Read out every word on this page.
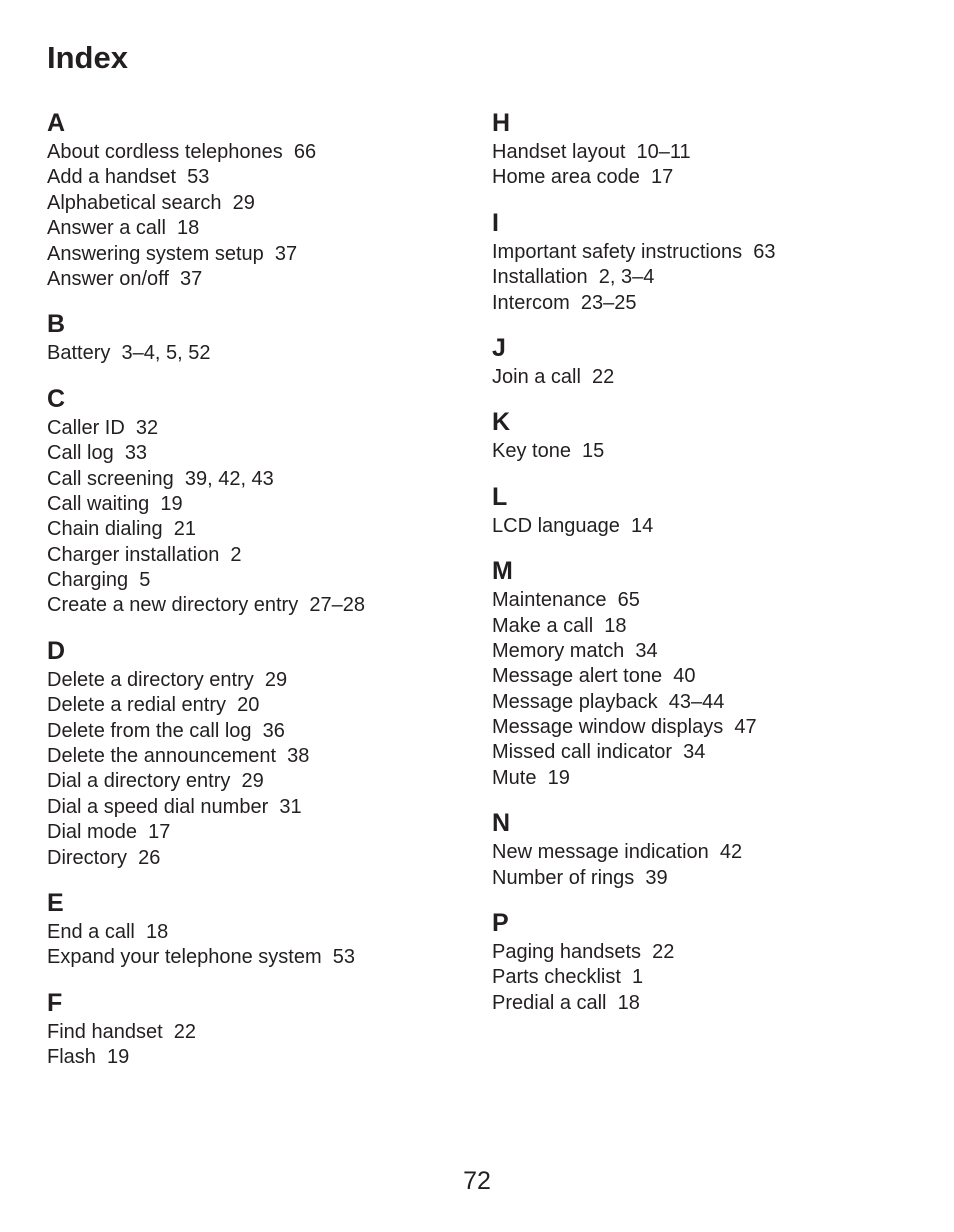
Index
A
About cordless telephones  66
Add a handset  53
Alphabetical search  29
Answer a call  18
Answering system setup  37
Answer on/off  37
B
Battery  3–4, 5, 52
C
Caller ID  32
Call log  33
Call screening  39, 42, 43
Call waiting  19
Chain dialing  21
Charger installation  2
Charging  5
Create a new directory entry  27–28
D
Delete a directory entry  29
Delete a redial entry  20
Delete from the call log  36
Delete the announcement  38
Dial a directory entry  29
Dial a speed dial number  31
Dial mode  17
Directory  26
E
End a call  18
Expand your telephone system  53
F
Find handset  22
Flash  19
H
Handset layout  10–11
Home area code  17
I
Important safety instructions  63
Installation  2, 3–4
Intercom  23–25
J
Join a call  22
K
Key tone  15
L
LCD language  14
M
Maintenance  65
Make a call  18
Memory match  34
Message alert tone  40
Message playback  43–44
Message window displays  47
Missed call indicator  34
Mute  19
N
New message indication  42
Number of rings  39
P
Paging handsets  22
Parts checklist  1
Predial a call  18
72
